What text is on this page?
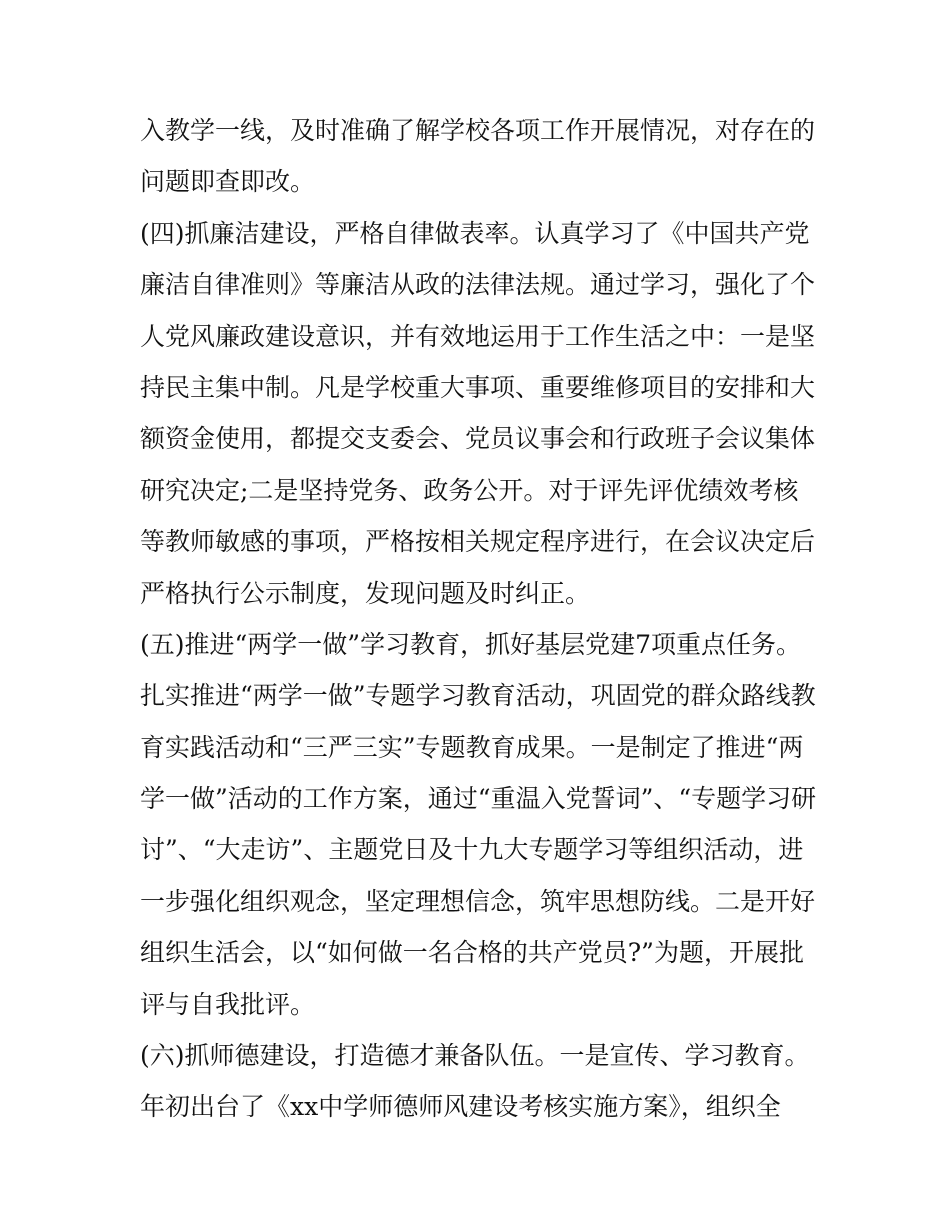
入教学一线，及时准确了解学校各项工作开展情况，对存在的
问题即查即改。
(四)抓廉洁建设，严格自律做表率。认真学习了《中国共产党
廉洁自律准则》等廉洁从政的法律法规。通过学习，强化了个
人党风廉政建设意识，并有效地运用于工作生活之中：一是坚
持民主集中制。凡是学校重大事项、重要维修项目的安排和大
额资金使用，都提交支委会、党员议事会和行政班子会议集体
研究决定;二是坚持党务、政务公开。对于评先评优绩效考核
等教师敏感的事项，严格按相关规定程序进行，在会议决定后
严格执行公示制度，发现问题及时纠正。
(五)推进“两学一做”学习教育，抓好基层党建7项重点任务。
扎实推进“两学一做”专题学习教育活动，巩固党的群众路线教
育实践活动和“三严三实”专题教育成果。一是制定了推进“两
学一做”活动的工作方案，通过“重温入党誓词”、“专题学习研
讨”、“大走访”、主题党日及十九大专题学习等组织活动，进
一步强化组织观念，坚定理想信念，筑牢思想防线。二是开好
组织生活会，以“如何做一名合格的共产党员?”为题，开展批
评与自我批评。
(六)抓师德建设，打造德才兼备队伍。一是宣传、学习教育。
年初出台了《xx中学师德师风建设考核实施方案》，组织全
